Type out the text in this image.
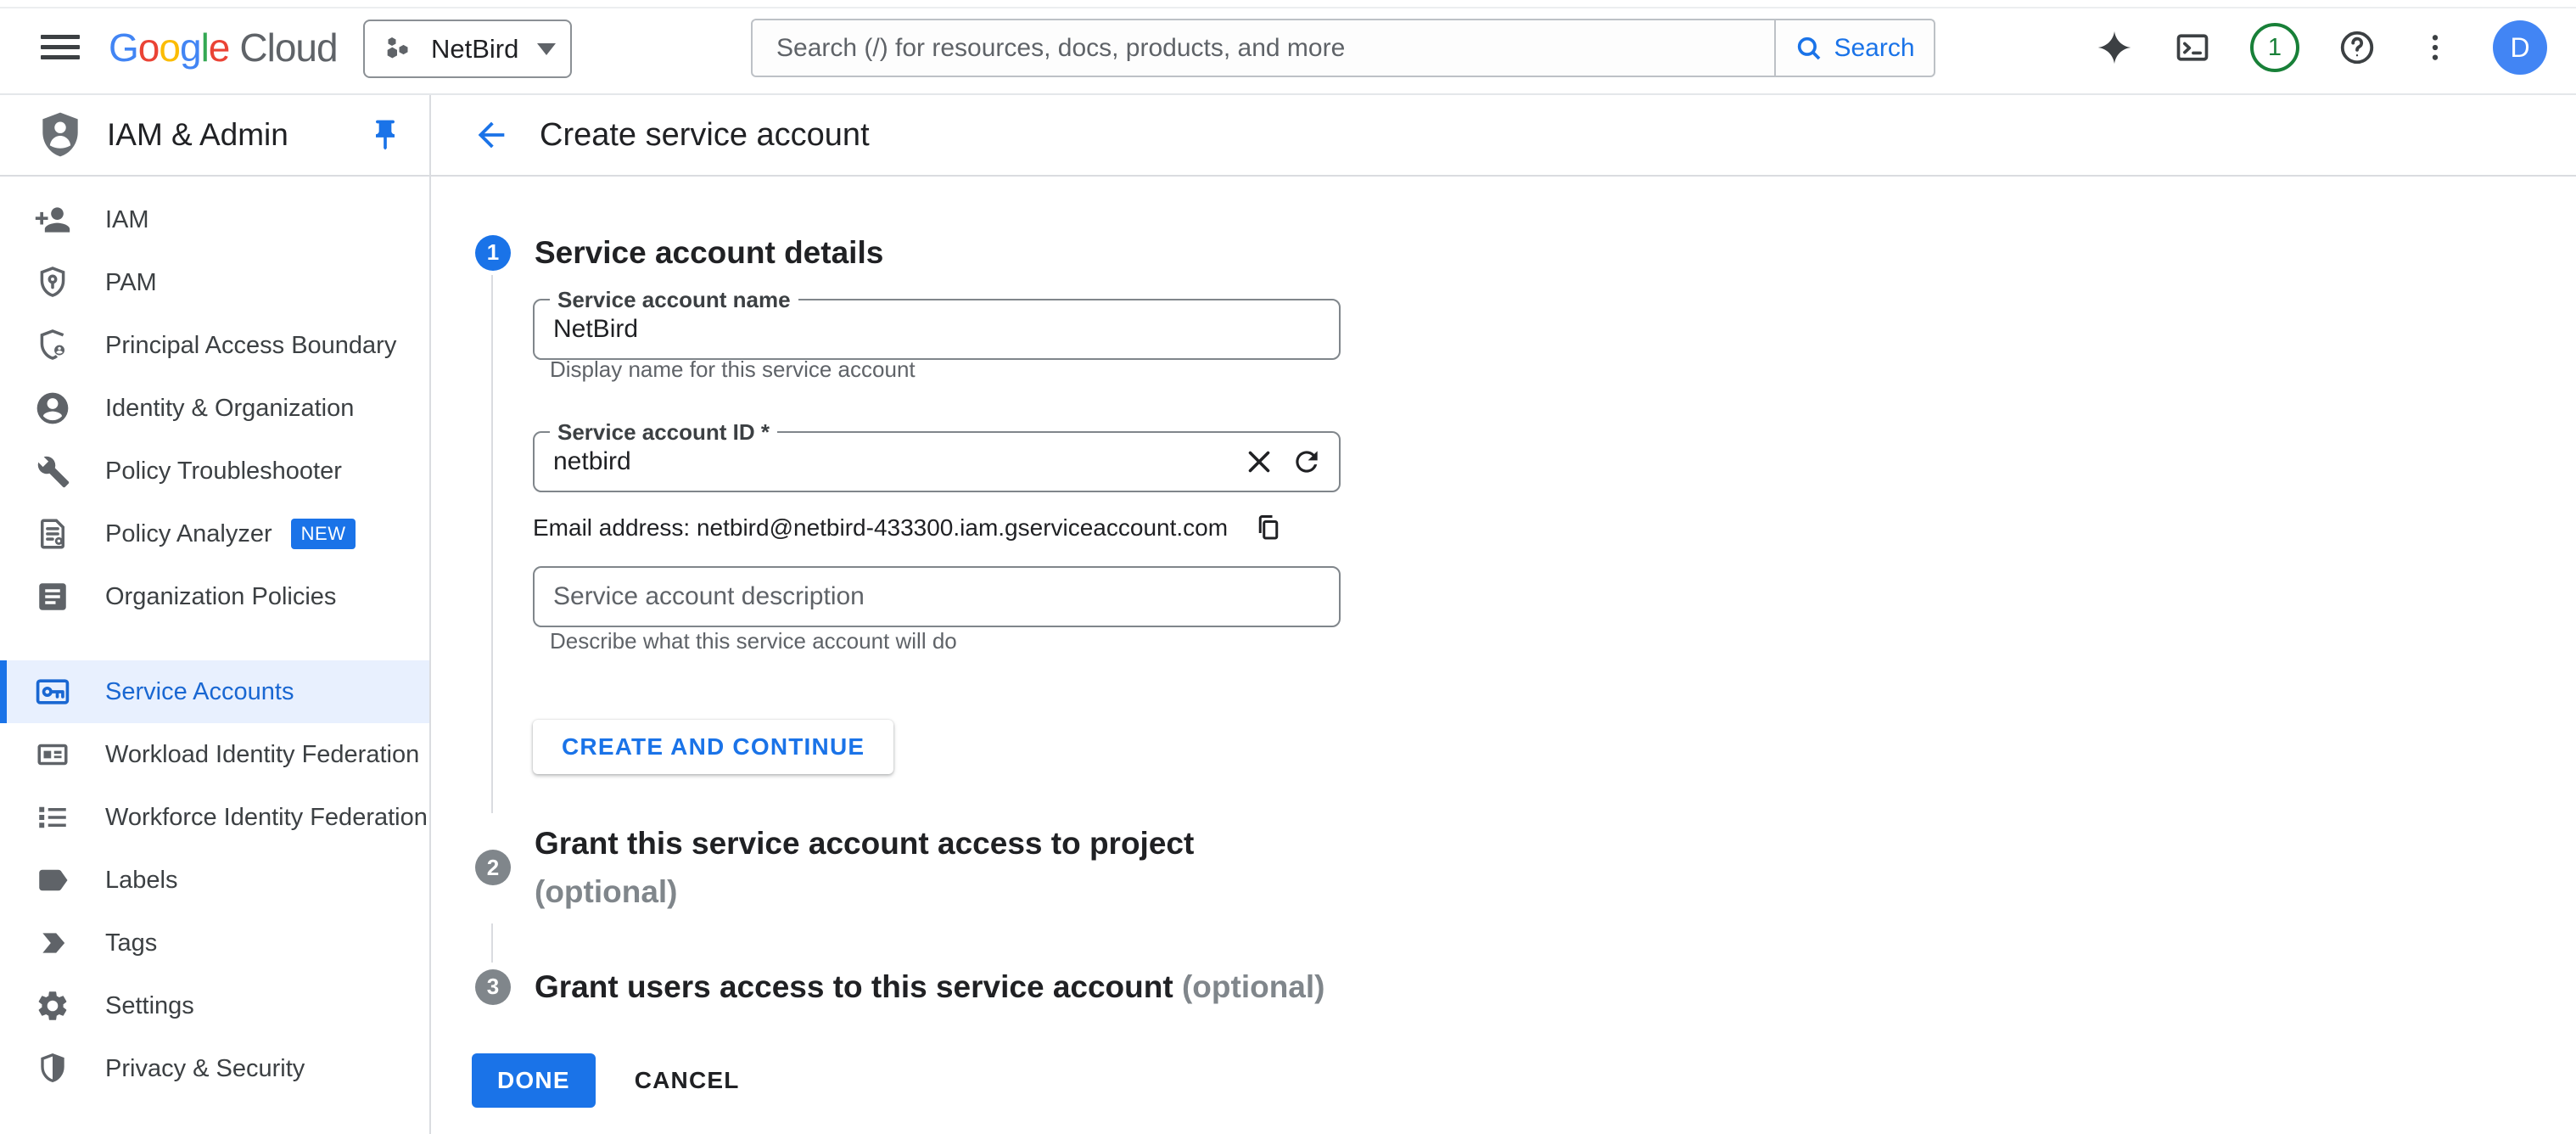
Google Cloud	NetBird
Search (/) for resources, docs, products, and more	Search	1	D
IAM & Admin	Create service account
IAM
PAM
Principal Access Boundary
Identity & Organization
Policy Troubleshooter
Policy Analyzer	NEW
Organization Policies
Service Accounts
Workload Identity Federation
Workforce Identity Federation
Labels
Tags
Settings
Privacy & Security
1 Service account details
Service account name
NetBird
Display name for this service account
Service account ID *
netbird
Email address: netbird@netbird-433300.iam.gserviceaccount.com
Service account description
Describe what this service account will do
CREATE AND CONTINUE
2
Grant this service account access to project (optional)
3 Grant users access to this service account (optional)
DONE	CANCEL
